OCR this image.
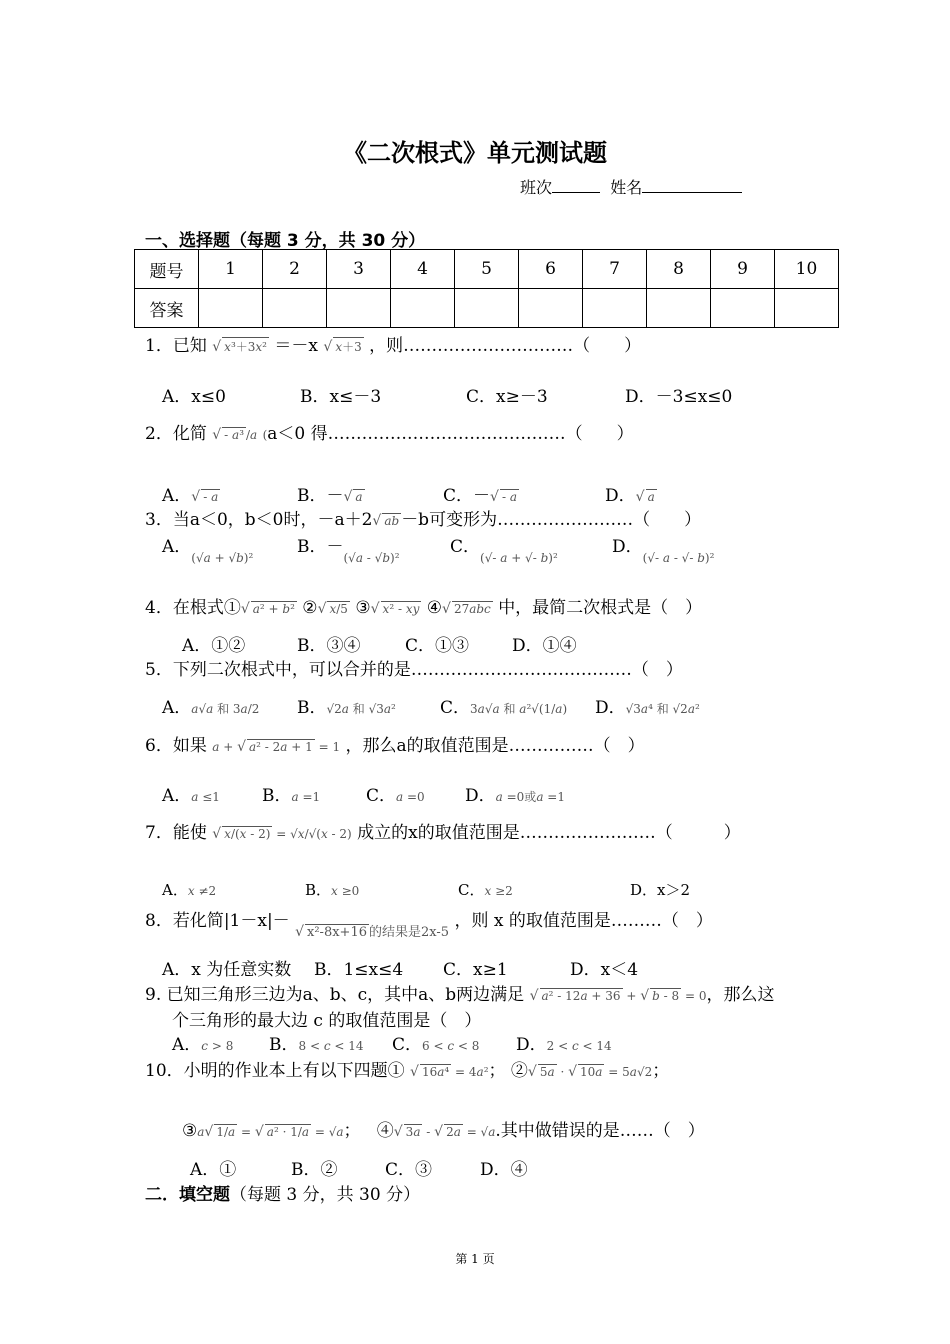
《二次根式》单元测试题
班次	姓名
一、选择题（每题 3 分，共 30 分）
题号	1	2	3	4	5	6	7	8	9	10
答案										
1．已知 √ x³＋3x² ＝－x √ x＋3 ，则…………………………（　　）
A．x≤0	B．x≤－3	C．x≥－3	D．－3≤x≤0
2．化简 √ - a³ /a (a＜0 得……………………………………（　　）
A．√ - a	B．－√ a	C．－√ - a	D．√ a
3．当a＜0，b＜0时，－a＋2√ ab －b可变形为……………………（　　）
A．$_{(√a + √b)^2}$
B．$-_{(√a - √b)^2}$
C．$_{(√- a + √- b)^2}$
D．$_{(√- a - √- b)^2}$
4．在根式①√ a² + b² ②√ x/5 ③√ x² - xy ④√ 27abc 中，最简二次根式是（　）
A．①②	B．③④	C．①③	D．①④
5．下列二次根式中，可以合并的是…………………………………（　）
A．a√a 和 3a/2 B．√2a 和 √3a²	C．3a√a 和 a²√(1/a) D．√3a⁴ 和 √2a²
6．如果 a + √ a² - 2a + 1 = 1 ，那么a的取值范围是……………（　）
A．a ≤1 B．a =1	C．a =0 D．a =0或a =1
7．能使 √ x/(x - 2) = √x/√(x - 2) 成立的x的取值范围是……………………（　　　）
A．x ≠2	B．x ≥0	C．x ≥2	D．x＞2
8．若化简|1－x|－ $_{√ x^2-8x+16 的结果是2x-5}$ ，则 x 的取值范围是………（　）
A．x 为任意实数 B．1≤x≤4 C．x≥1	D．x＜4
9. 已知三角形三边为a、b、c，其中a、b两边满足 √ a² - 12a + 36 + √ b - 8 = 0，那么这
个三角形的最大边 c 的取值范围是（　）
A．c > 8 B．8 < c < 14 C．6 < c < 8 D．2 < c < 14
10．小明的作业本上有以下四题① √ 16a⁴ = 4a²； ②√ 5a · √ 10a = 5a√2；
③a√ 1/a = √ a² · 1/a = √a；   ④√ 3a - √ 2a = √a.其中做错误的是……（　）
A．①	B．②	C．③	D．④
二．填空题（每题 3 分，共 30 分）
第 1 页
